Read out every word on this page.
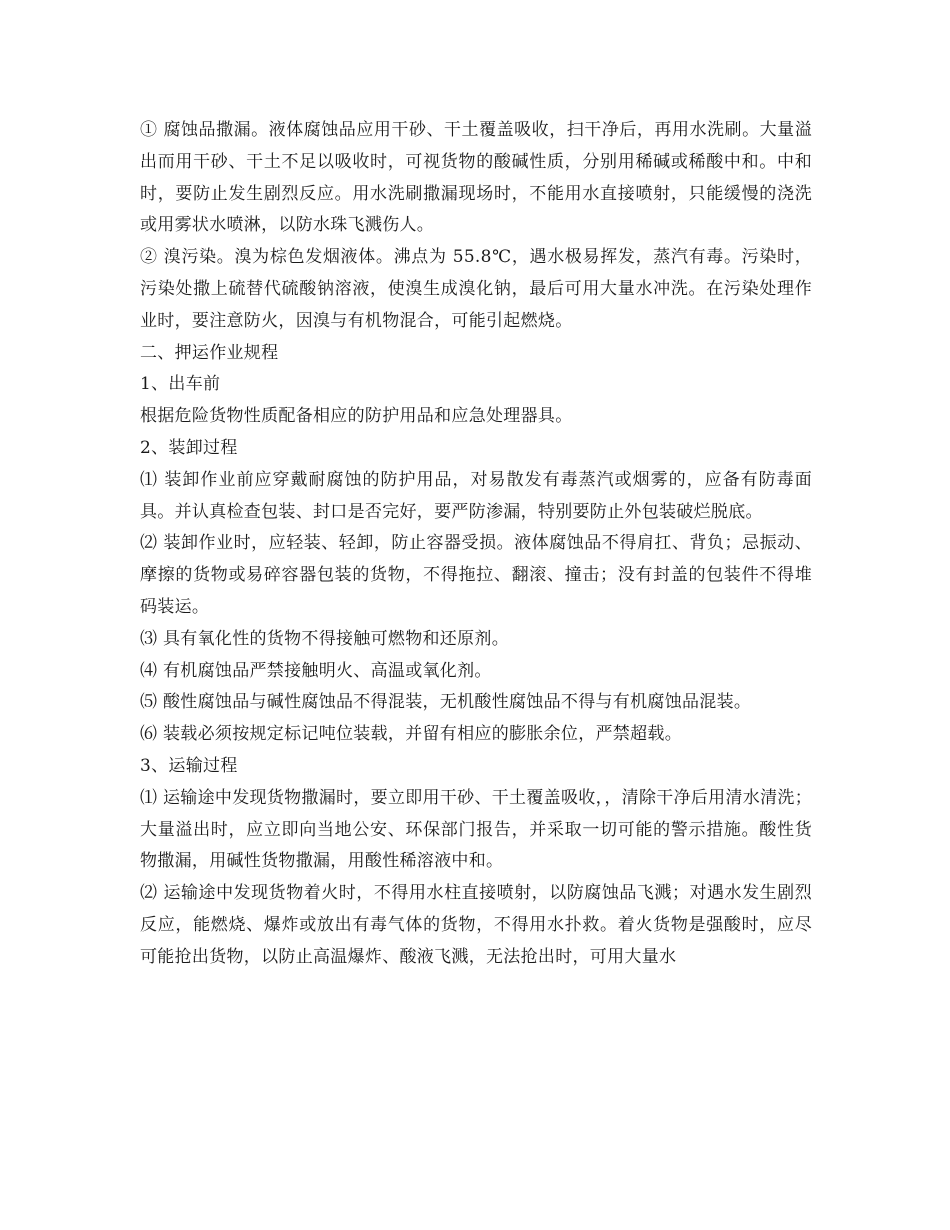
① 腐蚀品撒漏。液体腐蚀品应用干砂、干土覆盖吸收，扫干净后，再用水洗刷。大量溢出而用干砂、干土不足以吸收时，可视货物的酸碱性质，分别用稀碱或稀酸中和。中和时，要防止发生剧烈反应。用水洗刷撒漏现场时，不能用水直接喷射，只能缓慢的浇洗或用雾状水喷淋，以防水珠飞溅伤人。

② 溴污染。溴为棕色发烟液体。沸点为 55.8℃，遇水极易挥发，蒸汽有毒。污染时，污染处撒上硫替代硫酸钠溶液，使溴生成溴化钠，最后可用大量水冲洗。在污染处理作业时，要注意防火，因溴与有机物混合，可能引起燃烧。

二、押运作业规程

1、出车前

根据危险货物性质配备相应的防护用品和应急处理器具。

2、装卸过程

⑴ 装卸作业前应穿戴耐腐蚀的防护用品，对易散发有毒蒸汽或烟雾的，应备有防毒面具。并认真检查包装、封口是否完好，要严防渗漏，特别要防止外包装破烂脱底。

⑵ 装卸作业时，应轻装、轻卸，防止容器受损。液体腐蚀品不得肩扛、背负；忌振动、摩擦的货物或易碎容器包装的货物，不得拖拉、翻滚、撞击；没有封盖的包装件不得堆码装运。

⑶ 具有氧化性的货物不得接触可燃物和还原剂。

⑷ 有机腐蚀品严禁接触明火、高温或氧化剂。

⑸ 酸性腐蚀品与碱性腐蚀品不得混装，无机酸性腐蚀品不得与有机腐蚀品混装。

⑹ 装载必须按规定标记吨位装载，并留有相应的膨胀余位，严禁超载。

3、运输过程

⑴ 运输途中发现货物撒漏时，要立即用干砂、干土覆盖吸收，，清除干净后用清水清洗；大量溢出时，应立即向当地公安、环保部门报告，并采取一切可能的警示措施。酸性货物撒漏，用碱性货物撒漏，用酸性稀溶液中和。

⑵ 运输途中发现货物着火时，不得用水柱直接喷射，以防腐蚀品飞溅；对遇水发生剧烈反应，能燃烧、爆炸或放出有毒气体的货物，不得用水扑救。着火货物是强酸时，应尽可能抢出货物，以防止高温爆炸、酸液飞溅，无法抢出时，可用大量水
